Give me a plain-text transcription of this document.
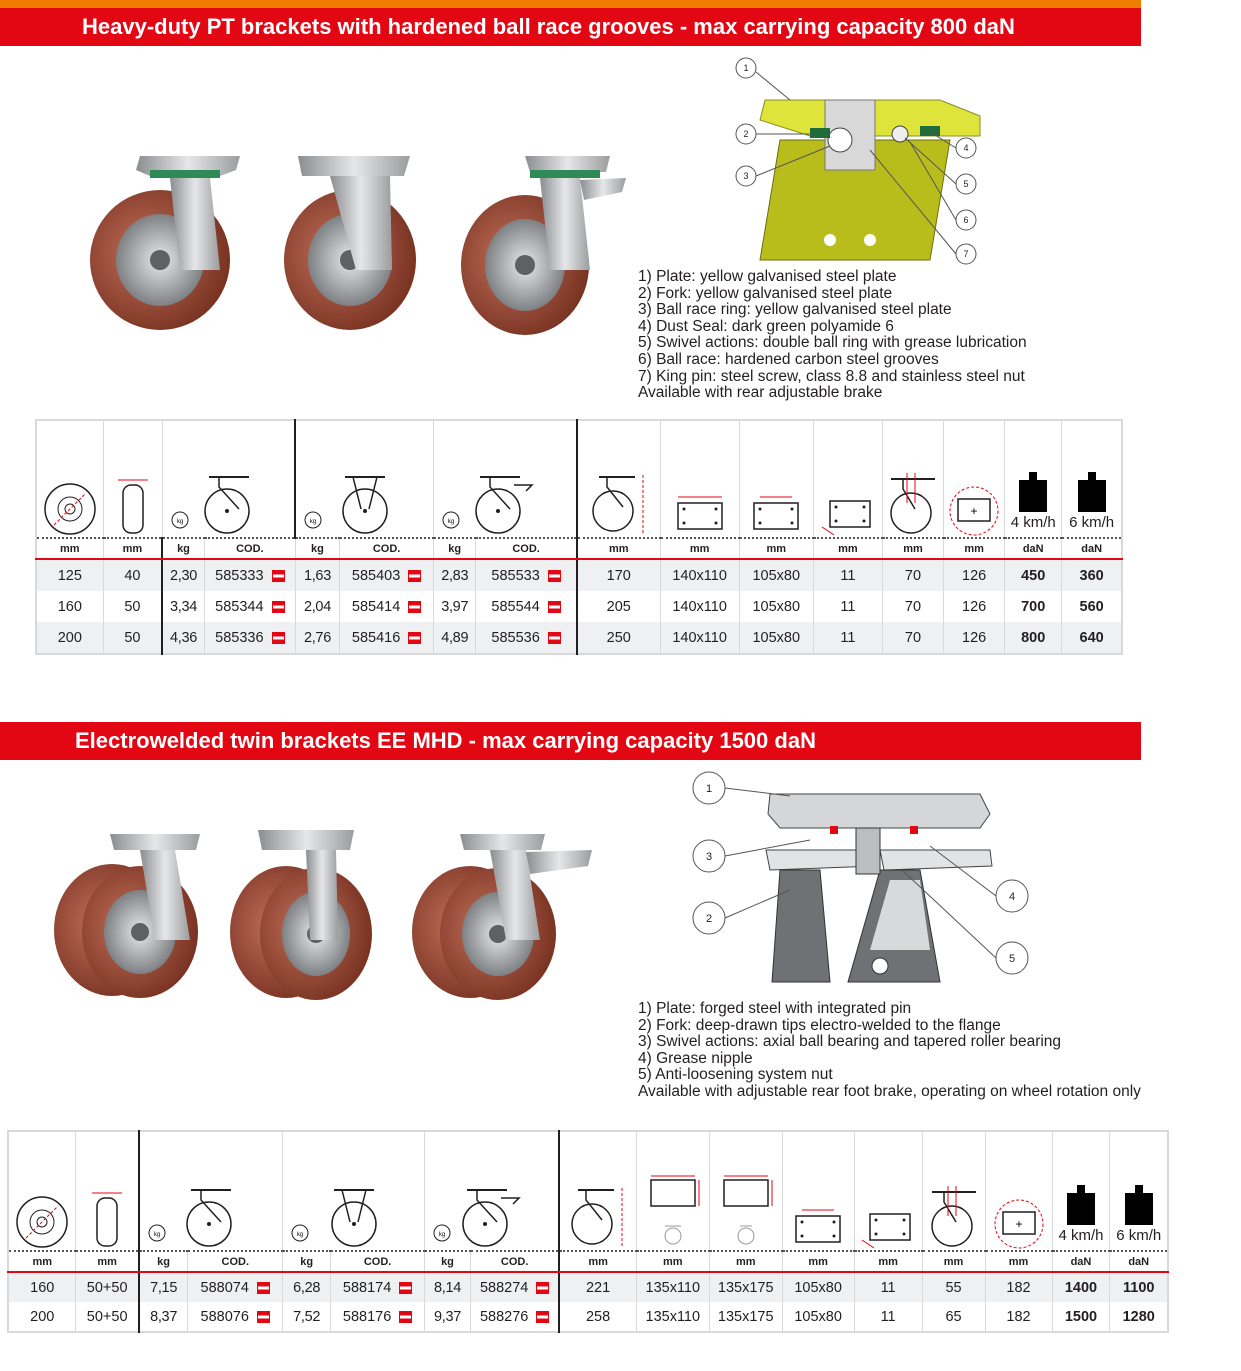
Heavy-duty PT brackets with hardened ball race grooves - max carrying capacity 800 daN
1
2
3
4
5
6
7
1) Plate: yellow galvanised steel plate
2) Fork: yellow galvanised steel plate
3) Ball race ring: yellow galvanised steel plate
4) Dust Seal: dark green polyamide 6
5) Swivel actions: double ball ring with grease lubrication
6) Ball race: hardened carbon steel grooves
7) King pin: steel screw, class 8.8 and stainless steel nut
Available with rear adjustable brake

kg		kg		kg							+	4 km/h	6 km/h

mm	mm	kg	COD.	kg	COD.	kg	COD.	mm	mm	mm	mm	mm	mm	daN	daN
125	40	2,30	585333	1,63	585403	2,83	585533	170	140x110	105x80	11	70	126	450	360
160	50	3,34	585344	2,04	585414	3,97	585544	205	140x110	105x80	11	70	126	700	560
200	50	4,36	585336	2,76	585416	4,89	585536	250	140x110	105x80	11	70	126	800	640
Electrowelded twin brackets EE MHD - max carrying capacity 1500 daN
1
3
2
4
5
1) Plate: forged steel with integrated pin
2) Fork: deep-drawn tips electro-welded to the flange
3) Swivel actions: axial ball bearing and tapered roller bearing
4) Grease nipple
5) Anti-loosening system nut
Available with adjustable rear foot brake, operating on wheel rotation only

kg		kg		kg								+	4 km/h	6 km/h

mm	mm	kg	COD.	kg	COD.	kg	COD.	mm	mm	mm	mm	mm	mm	mm	daN	daN
160	50+50	7,15	588074	6,28	588174	8,14	588274	221	135x110	135x175	105x80	11	55	182	1400	1100
200	50+50	8,37	588076	7,52	588176	9,37	588276	258	135x110	135x175	105x80	11	65	182	1500	1280
